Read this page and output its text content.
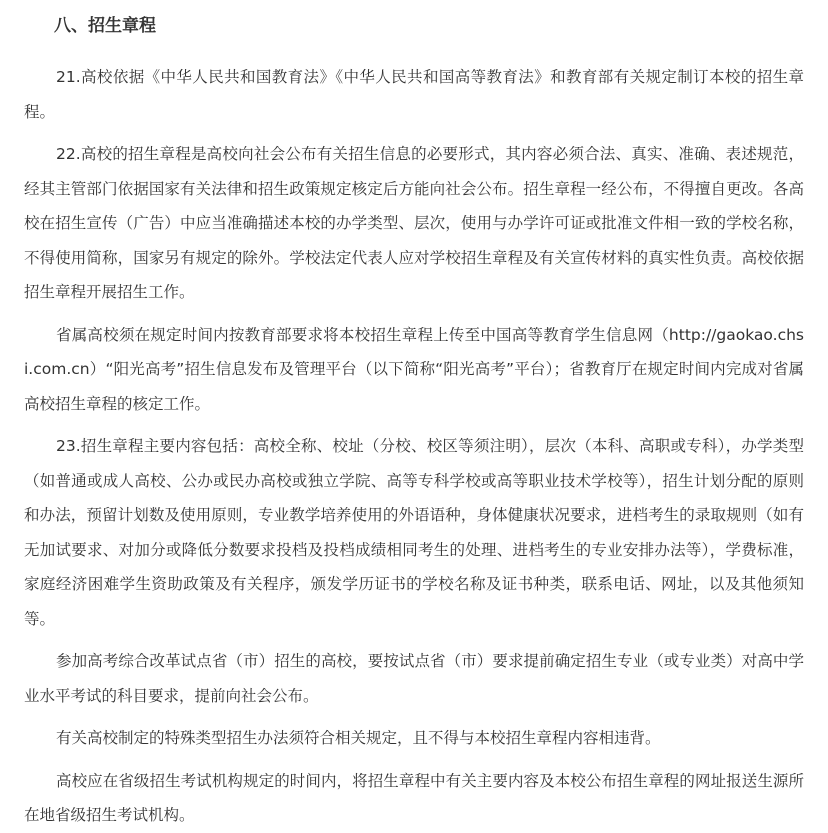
八、招生章程

21.高校依据《中华人民共和国教育法》《中华人民共和国高等教育法》和教育部有关规定制订本校的招生章程。

22.高校的招生章程是高校向社会公布有关招生信息的必要形式，其内容必须合法、真实、准确、表述规范，经其主管部门依据国家有关法律和招生政策规定核定后方能向社会公布。招生章程一经公布，不得擅自更改。各高校在招生宣传（广告）中应当准确描述本校的办学类型、层次，使用与办学许可证或批准文件相一致的学校名称，不得使用简称，国家另有规定的除外。学校法定代表人应对学校招生章程及有关宣传材料的真实性负责。高校依据招生章程开展招生工作。

省属高校须在规定时间内按教育部要求将本校招生章程上传至中国高等教育学生信息网（http://gaokao.chsi.com.cn）“阳光高考”招生信息发布及管理平台（以下简称“阳光高考”平台）；省教育厅在规定时间内完成对省属高校招生章程的核定工作。

23.招生章程主要内容包括：高校全称、校址（分校、校区等须注明），层次（本科、高职或专科），办学类型（如普通或成人高校、公办或民办高校或独立学院、高等专科学校或高等职业技术学校等），招生计划分配的原则和办法，预留计划数及使用原则，专业教学培养使用的外语语种，身体健康状况要求，进档考生的录取规则（如有无加试要求、对加分或降低分数要求投档及投档成绩相同考生的处理、进档考生的专业安排办法等），学费标准，家庭经济困难学生资助政策及有关程序，颁发学历证书的学校名称及证书种类，联系电话、网址，以及其他须知等。

参加高考综合改革试点省（市）招生的高校，要按试点省（市）要求提前确定招生专业（或专业类）对高中学业水平考试的科目要求，提前向社会公布。

有关高校制定的特殊类型招生办法须符合相关规定，且不得与本校招生章程内容相违背。

高校应在省级招生考试机构规定的时间内，将招生章程中有关主要内容及本校公布招生章程的网址报送生源所在地省级招生考试机构。
